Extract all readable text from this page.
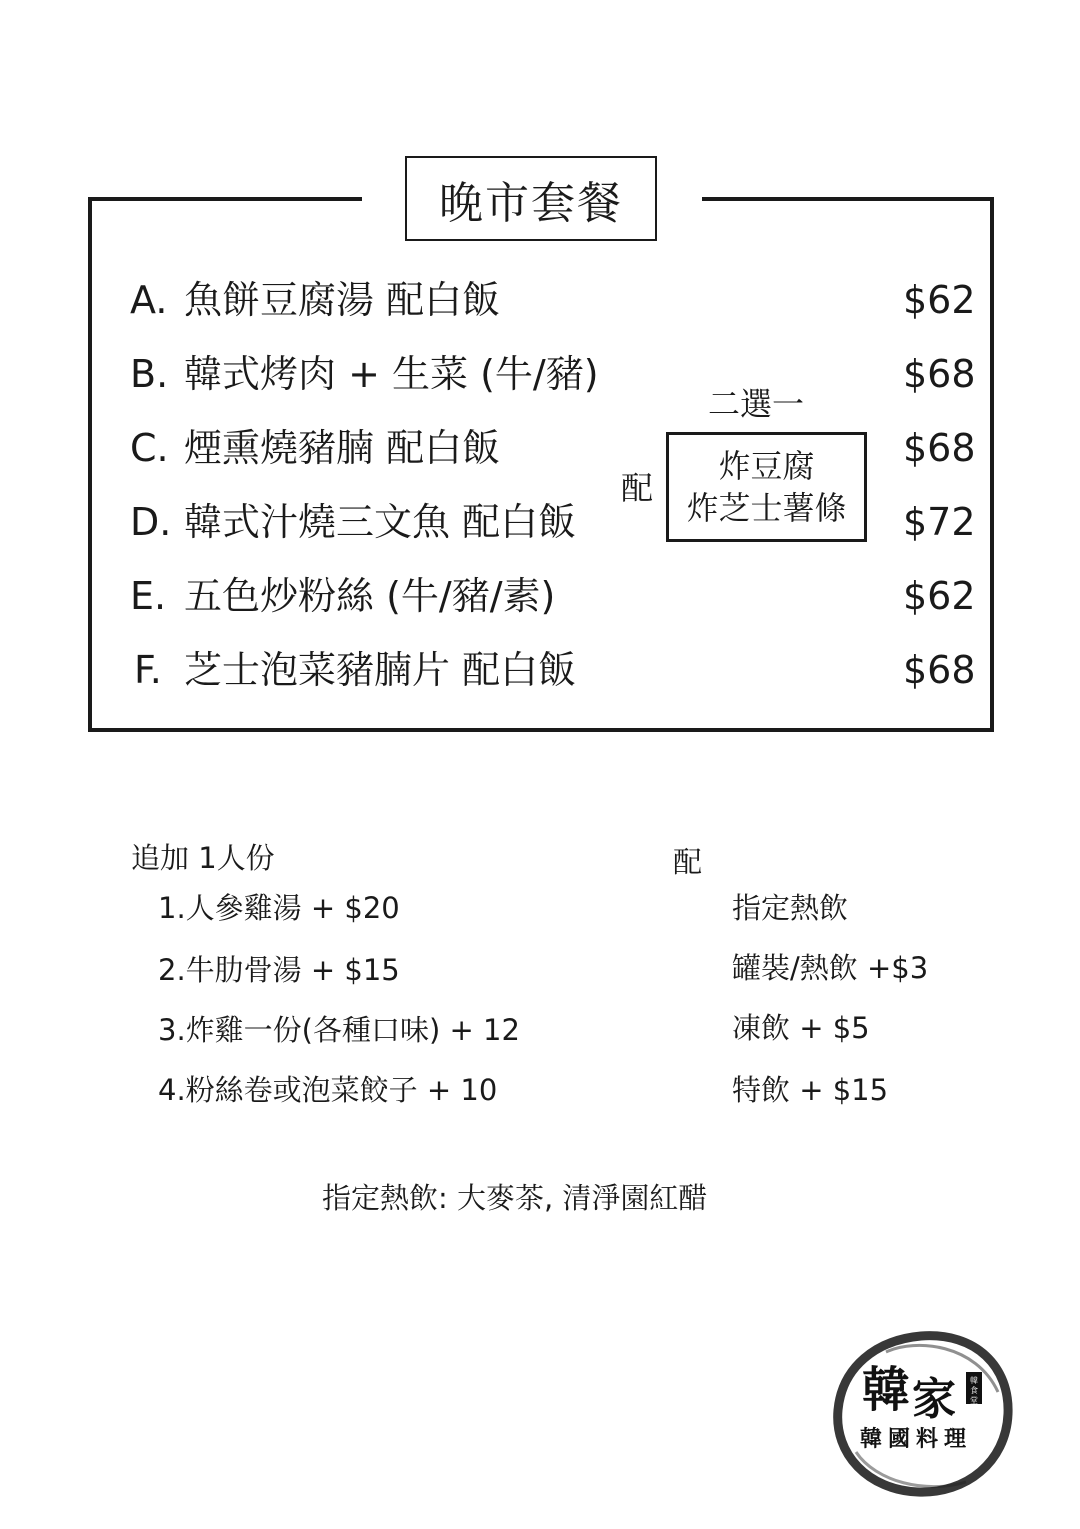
晚市套餐
A. 魚餅豆腐湯 配白飯	$62
B. 韓式烤肉 + 生菜 (牛/豬)	$68
C. 煙熏燒豬腩 配白飯	$68
D. 韓式汁燒三文魚 配白飯	$72
E. 五色炒粉絲 (牛/豬/素)	$62
F. 芝士泡菜豬腩片 配白飯	$68
二選一
配
炸豆腐
炸芝士薯條
追加 1人份
1.人參雞湯 + $20
2.牛肋骨湯 + $15
3.炸雞一份(各種口味) + 12
4.粉絲卷或泡菜餃子 + 10
配
指定熱飲
罐裝/熱飲 +$3
凍飲 + $5
特飲 + $15
指定熱飲: 大麥茶, 清淨園紅醋
韓 家 韓
食
堂
韓國料理
